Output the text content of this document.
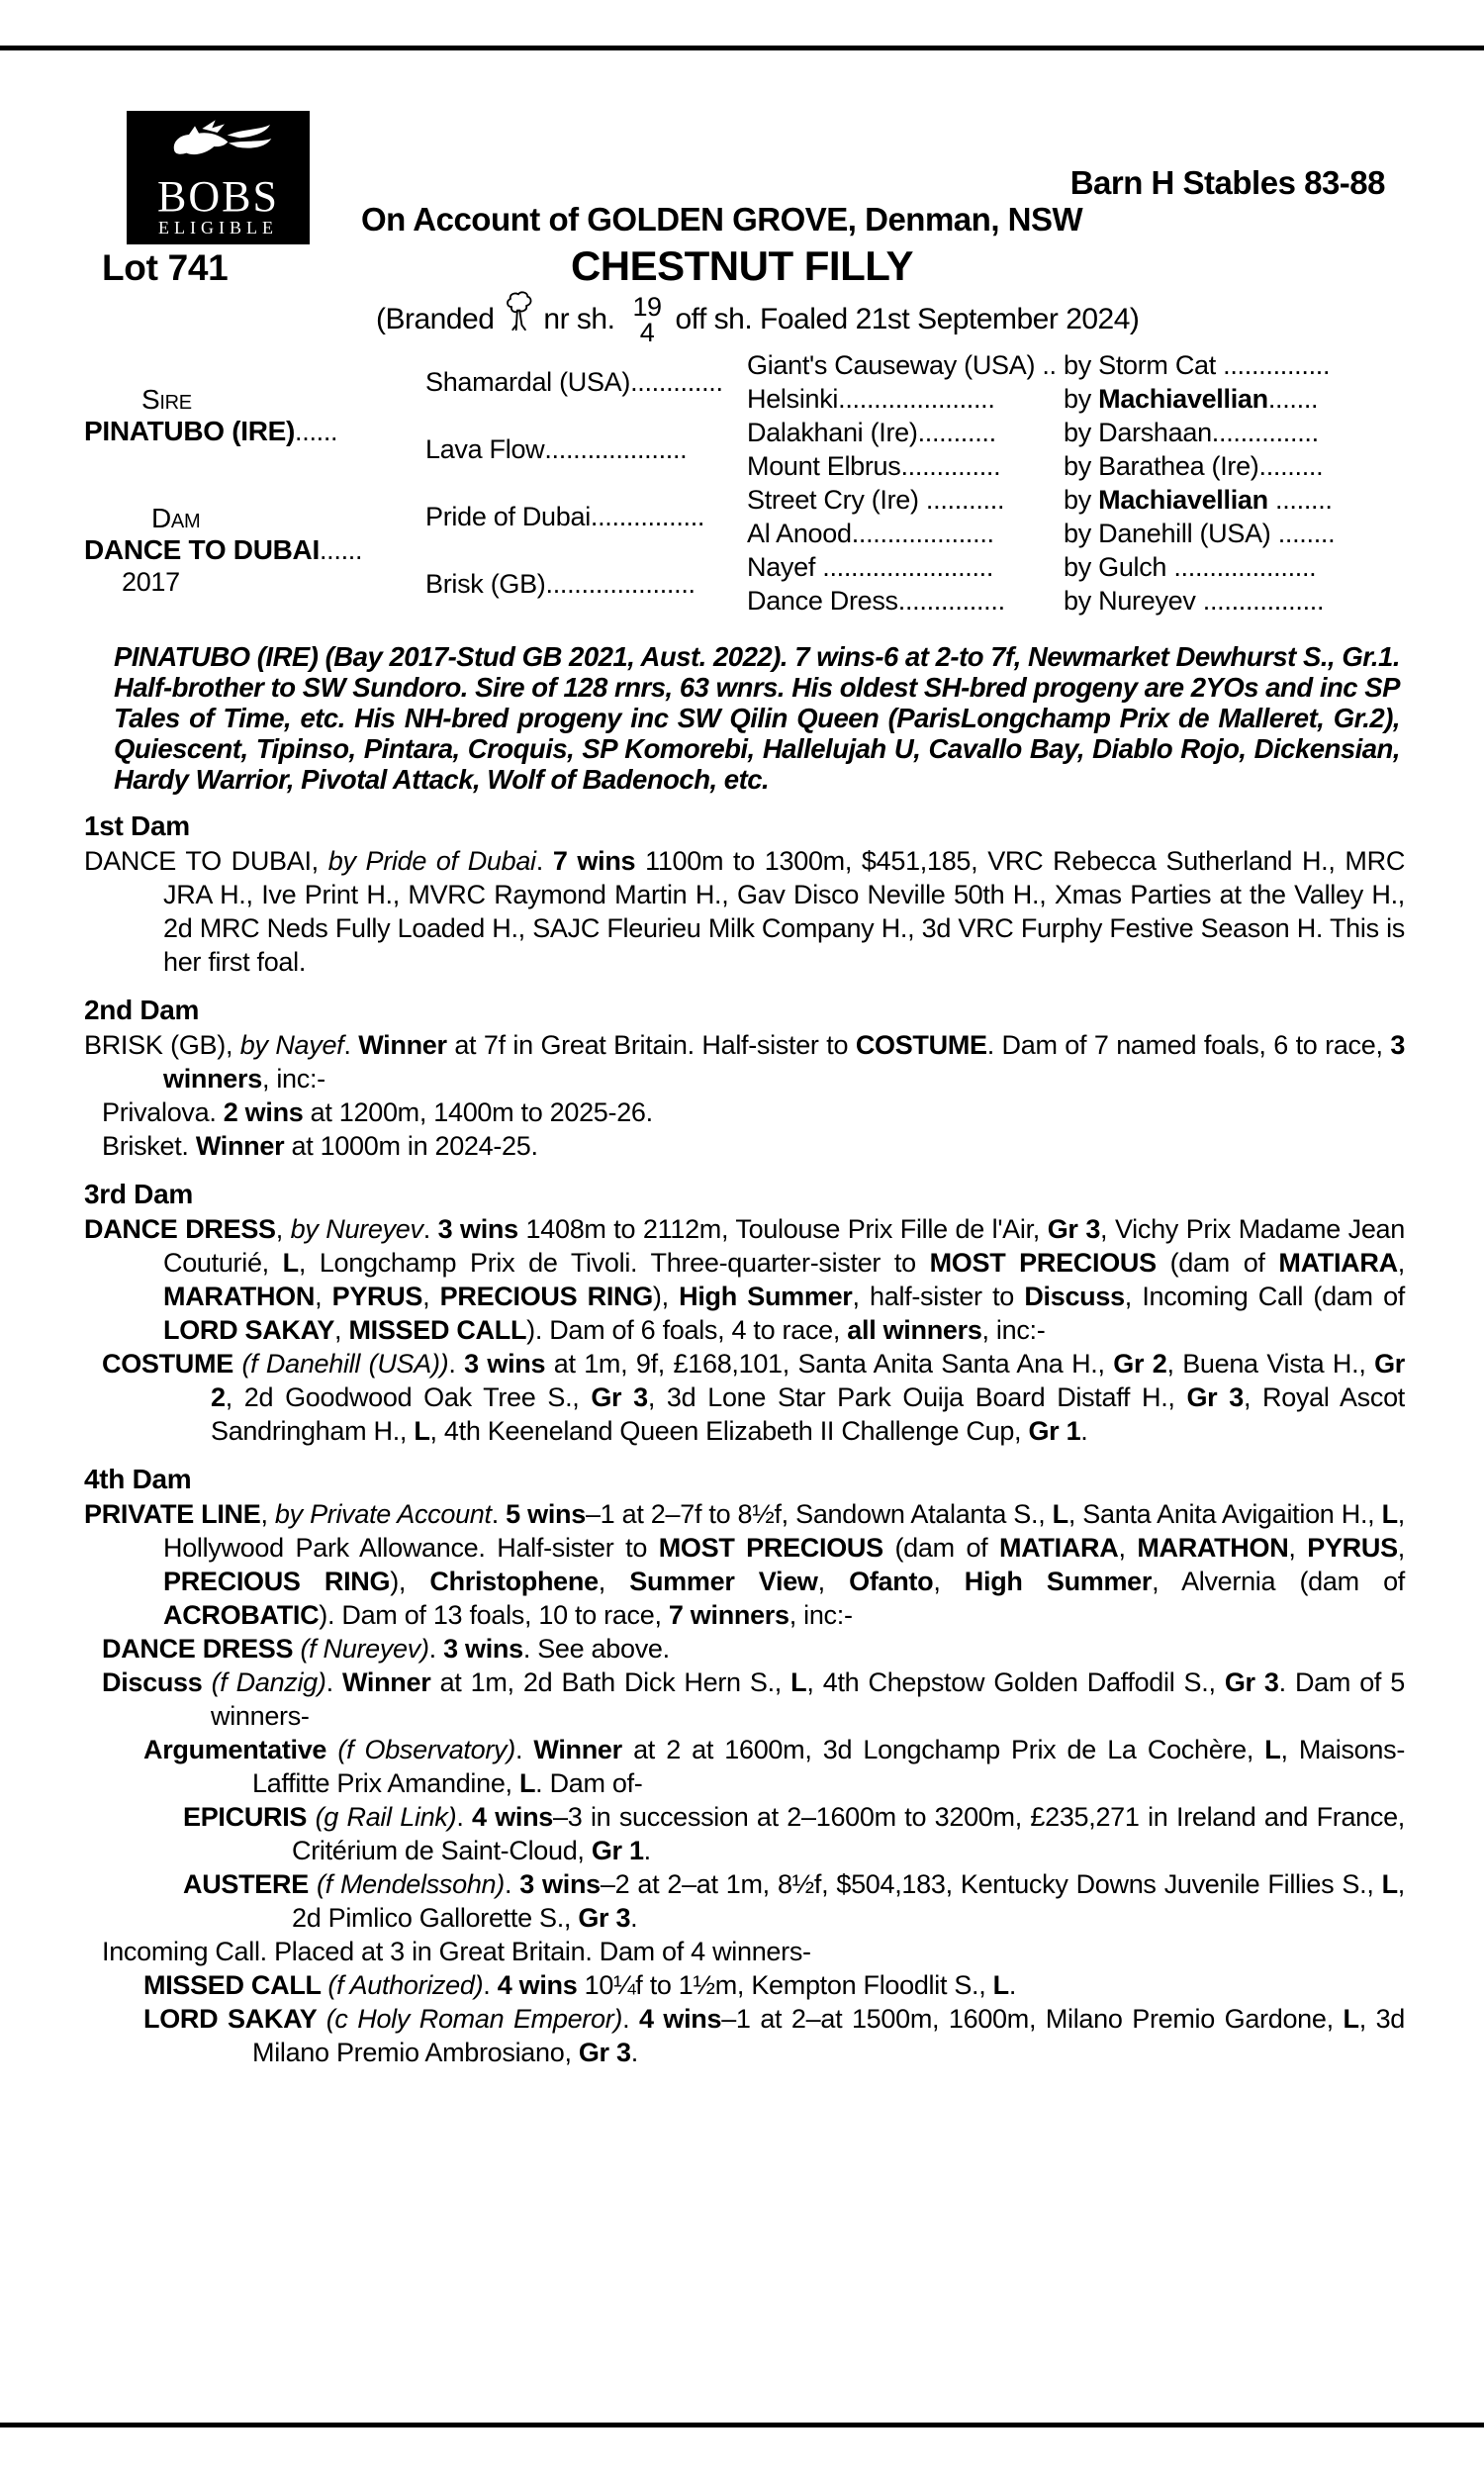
BOBS
ELIGIBLE
Lot 741
Barn H Stables 83-88
On Account of GOLDEN GROVE, Denman, NSW
CHESTNUT FILLY
(Branded nr sh. 19
4 off sh. Foaled 21st September 2024)
Sire
PINATUBO (IRE)......
Dam
DANCE TO DUBAI......
2017
Shamardal (USA) .............
Lava Flow ....................
Pride of Dubai ................
Brisk (GB) .....................
Giant's Causeway (USA) .. by Storm Cat ...............
Helsinki......................	by Machiavellian.......
Dalakhani (Ire)...........	by Darshaan...............
Mount Elbrus..............	by Barathea (Ire).........
Street Cry (Ire) ...........	by Machiavellian ........
Al Anood....................	by Danehill (USA) ........
Nayef ........................	by Gulch ....................
Dance Dress...............	by Nureyev .................

PINATUBO (IRE) (Bay 2017-Stud GB 2021, Aust. 2022). 7 wins-6 at 2-to 7f, Newmarket Dewhurst S., Gr.1. Half-brother to SW Sundoro. Sire of 128 rnrs, 63 wnrs. His oldest SH-bred progeny are 2YOs and inc SP Tales of Time, etc. His NH-bred progeny inc SW Qilin Queen (ParisLongchamp Prix de Malleret, Gr.2), Quiescent, Tipinso, Pintara, Croquis, SP Komorebi, Hallelujah U, Cavallo Bay, Diablo Rojo, Dickensian, Hardy Warrior, Pivotal Attack, Wolf of Badenoch, etc.

1st Dam

DANCE TO DUBAI, by Pride of Dubai. 7 wins 1100m to 1300m, $451,185, VRC Rebecca Sutherland H., MRC JRA H., Ive Print H., MVRC Raymond Martin H., Gav Disco Neville 50th H., Xmas Parties at the Valley H., 2d MRC Neds Fully Loaded H., SAJC Fleurieu Milk Company H., 3d VRC Furphy Festive Season H. This is her first foal.

2nd Dam

BRISK (GB), by Nayef. Winner at 7f in Great Britain. Half-sister to COSTUME. Dam of 7 named foals, 6 to race, 3 winners, inc:-

Privalova. 2 wins at 1200m, 1400m to 2025-26.

Brisket. Winner at 1000m in 2024-25.

3rd Dam

DANCE DRESS, by Nureyev. 3 wins 1408m to 2112m, Toulouse Prix Fille de l'Air, Gr 3, Vichy Prix Madame Jean Couturié, L, Longchamp Prix de Tivoli. Three-quarter-sister to MOST PRECIOUS (dam of MATIARA, MARATHON, PYRUS, PRECIOUS RING), High Summer, half-sister to Discuss, Incoming Call (dam of LORD SAKAY, MISSED CALL). Dam of 6 foals, 4 to race, all winners, inc:-

COSTUME (f Danehill (USA)). 3 wins at 1m, 9f, £168,101, Santa Anita Santa Ana H., Gr 2, Buena Vista H., Gr 2, 2d Goodwood Oak Tree S., Gr 3, 3d Lone Star Park Ouija Board Distaff H., Gr 3, Royal Ascot Sandringham H., L, 4th Keeneland Queen Elizabeth II Challenge Cup, Gr 1.

4th Dam

PRIVATE LINE, by Private Account. 5 wins–1 at 2–7f to 8½f, Sandown Atalanta S., L, Santa Anita Avigaition H., L, Hollywood Park Allowance. Half-sister to MOST PRECIOUS (dam of MATIARA, MARATHON, PYRUS, PRECIOUS RING), Christophene, Summer View, Ofanto, High Summer, Alvernia (dam of ACROBATIC). Dam of 13 foals, 10 to race, 7 winners, inc:-

DANCE DRESS (f Nureyev). 3 wins. See above.

Discuss (f Danzig). Winner at 1m, 2d Bath Dick Hern S., L, 4th Chepstow Golden Daffodil S., Gr 3. Dam of 5 winners-

Argumentative (f Observatory). Winner at 2 at 1600m, 3d Longchamp Prix de La Cochère, L, Maisons-Laffitte Prix Amandine, L. Dam of-

EPICURIS (g Rail Link). 4 wins–3 in succession at 2–1600m to 3200m, £235,271 in Ireland and France, Critérium de Saint-Cloud, Gr 1.

AUSTERE (f Mendelssohn). 3 wins–2 at 2–at 1m, 8½f, $504,183, Kentucky Downs Juvenile Fillies S., L, 2d Pimlico Gallorette S., Gr 3.

Incoming Call. Placed at 3 in Great Britain. Dam of 4 winners-

MISSED CALL (f Authorized). 4 wins 10¼f to 1½m, Kempton Floodlit S., L.

LORD SAKAY (c Holy Roman Emperor). 4 wins–1 at 2–at 1500m, 1600m, Milano Premio Gardone, L, 3d Milano Premio Ambrosiano, Gr 3.
